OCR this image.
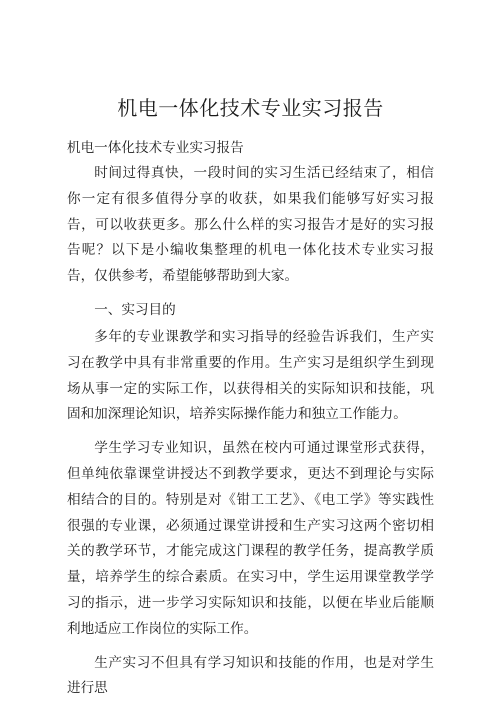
机电一体化技术专业实习报告

机电一体化技术专业实习报告

时间过得真快，一段时间的实习生活已经结束了，相信你一定有很多值得分享的收获，如果我们能够写好实习报告，可以收获更多。那么什么样的实习报告才是好的实习报告呢？以下是小编收集整理的机电一体化技术专业实习报告，仅供参考，希望能够帮助到大家。

一、实习目的

多年的专业课教学和实习指导的经验告诉我们，生产实习在教学中具有非常重要的作用。生产实习是组织学生到现场从事一定的实际工作，以获得相关的实际知识和技能，巩固和加深理论知识，培养实际操作能力和独立工作能力。

学生学习专业知识，虽然在校内可通过课堂形式获得，但单纯依靠课堂讲授达不到教学要求，更达不到理论与实际相结合的目的。特别是对《钳工工艺》、《电工学》等实践性很强的专业课，必须通过课堂讲授和生产实习这两个密切相关的教学环节，才能完成这门课程的教学任务，提高教学质量，培养学生的综合素质。在实习中，学生运用课堂教学学习的指示，进一步学习实际知识和技能，以便在毕业后能顺利地适应工作岗位的实际工作。

生产实习不但具有学习知识和技能的作用，也是对学生进行思
